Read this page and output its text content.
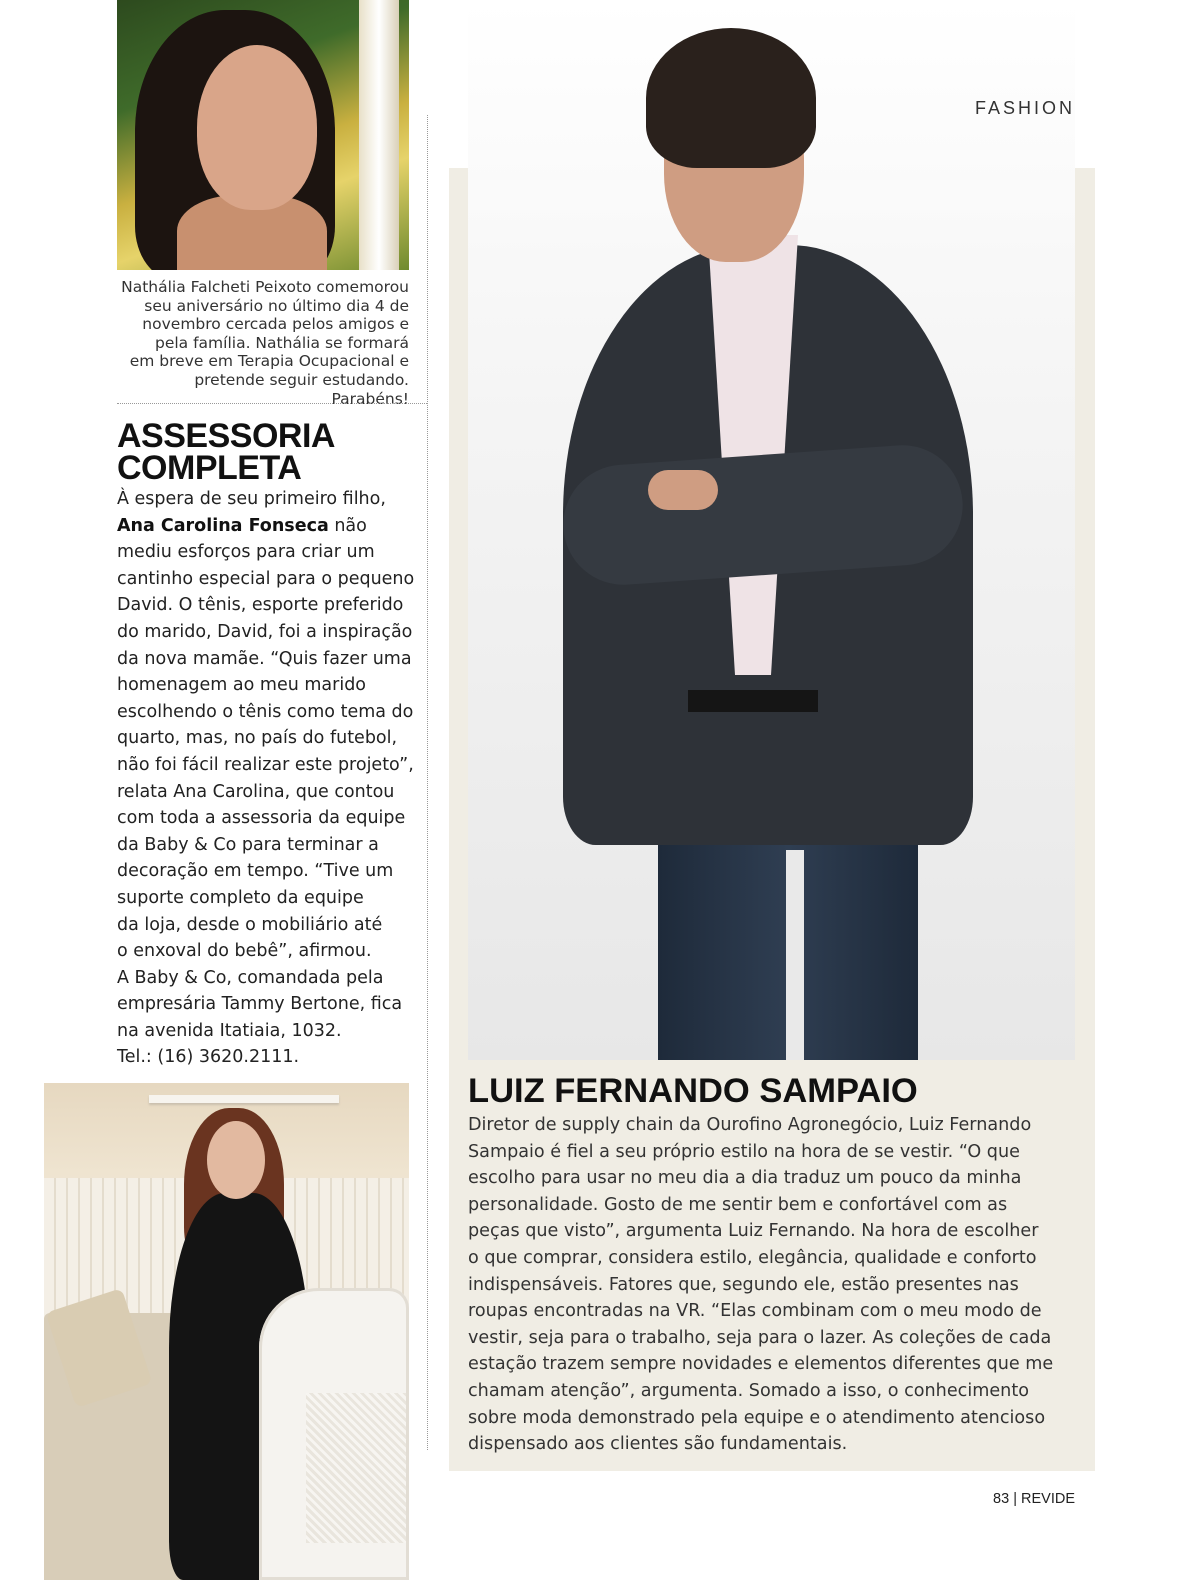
Nathália Falcheti Peixoto comemorou
seu aniversário no último dia 4 de
novembro cercada pelos amigos e
pela família. Nathália se formará
em breve em Terapia Ocupacional e
pretende seguir estudando. Parabéns!
ASSESSORIA
COMPLETA

À espera de seu primeiro filho,

Ana Carolina Fonseca não

mediu esforços para criar um

cantinho especial para o pequeno

David. O tênis, esporte preferido

do marido, David, foi a inspiração

da nova mamãe. “Quis fazer uma

homenagem ao meu marido

escolhendo o tênis como tema do

quarto, mas, no país do futebol,

não foi fácil realizar este projeto”,

relata Ana Carolina, que contou

com toda a assessoria da equipe

da Baby & Co para terminar a

decoração em tempo. “Tive um

suporte completo da equipe

da loja, desde o mobiliário até

o enxoval do bebê”, afirmou.

A Baby & Co, comandada pela

empresária Tammy Bertone, fica

na avenida Itatiaia, 1032.

Tel.: (16) 3620.2111.

FASHION
LUIZ FERNANDO SAMPAIO

Diretor de supply chain da Ourofino Agronegócio, Luiz Fernando

Sampaio é fiel a seu próprio estilo na hora de se vestir. “O que

escolho para usar no meu dia a dia traduz um pouco da minha

personalidade. Gosto de me sentir bem e confortável com as

peças que visto”, argumenta Luiz Fernando. Na hora de escolher

o que comprar, considera estilo, elegância, qualidade e conforto

indispensáveis. Fatores que, segundo ele, estão presentes nas

roupas encontradas na VR. “Elas combinam com o meu modo de

vestir, seja para o trabalho, seja para o lazer. As coleções de cada

estação trazem sempre novidades e elementos diferentes que me

chamam atenção”, argumenta. Somado a isso, o conhecimento

sobre moda demonstrado pela equipe e o atendimento atencioso

dispensado aos clientes são fundamentais.

83 | REVIDE
